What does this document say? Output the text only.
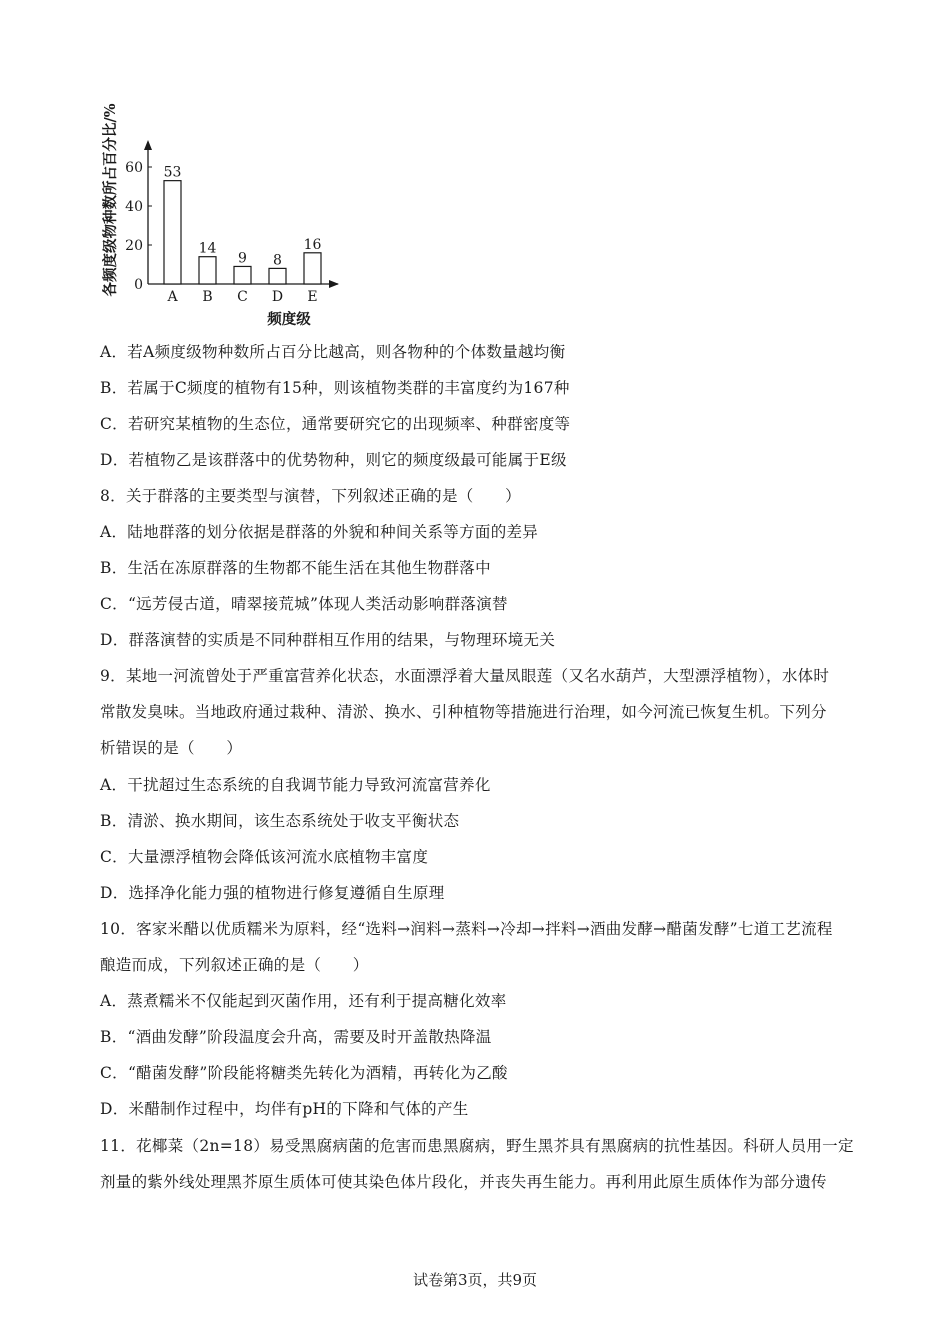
0
20
40
60 53
A
14
B
9
C
8
D
16
E
频度级
各频度级物种数所占百分比/%
A．若A频度级物种数所占百分比越高，则各物种的个体数量越均衡
B．若属于C频度的植物有15种，则该植物类群的丰富度约为167种
C．若研究某植物的生态位，通常要研究它的出现频率、种群密度等
D．若植物乙是该群落中的优势物种，则它的频度级最可能属于E级
8．关于群落的主要类型与演替，下列叙述正确的是（　　）
A．陆地群落的划分依据是群落的外貌和种间关系等方面的差异
B．生活在冻原群落的生物都不能生活在其他生物群落中
C．“远芳侵古道，晴翠接荒城”体现人类活动影响群落演替
D．群落演替的实质是不同种群相互作用的结果，与物理环境无关
9．某地一河流曾处于严重富营养化状态，水面漂浮着大量凤眼莲（又名水葫芦，大型漂浮植物），水体时
常散发臭味。当地政府通过栽种、清淤、换水、引种植物等措施进行治理，如今河流已恢复生机。下列分
析错误的是（　　）
A．干扰超过生态系统的自我调节能力导致河流富营养化
B．清淤、换水期间，该生态系统处于收支平衡状态
C．大量漂浮植物会降低该河流水底植物丰富度
D．选择净化能力强的植物进行修复遵循自生原理
10．客家米醋以优质糯米为原料，经“选料→润料→蒸料→冷却→拌料→酒曲发酵→醋菌发酵”七道工艺流程
酿造而成，下列叙述正确的是（　　）
A．蒸煮糯米不仅能起到灭菌作用，还有利于提高糖化效率
B．“酒曲发酵”阶段温度会升高，需要及时开盖散热降温
C．“醋菌发酵”阶段能将糖类先转化为酒精，再转化为乙酸
D．米醋制作过程中，均伴有pH的下降和气体的产生
11．花椰菜（2n=18）易受黑腐病菌的危害而患黑腐病，野生黑芥具有黑腐病的抗性基因。科研人员用一定
剂量的紫外线处理黑芥原生质体可使其染色体片段化，并丧失再生能力。再利用此原生质体作为部分遗传
试卷第3页，共9页
